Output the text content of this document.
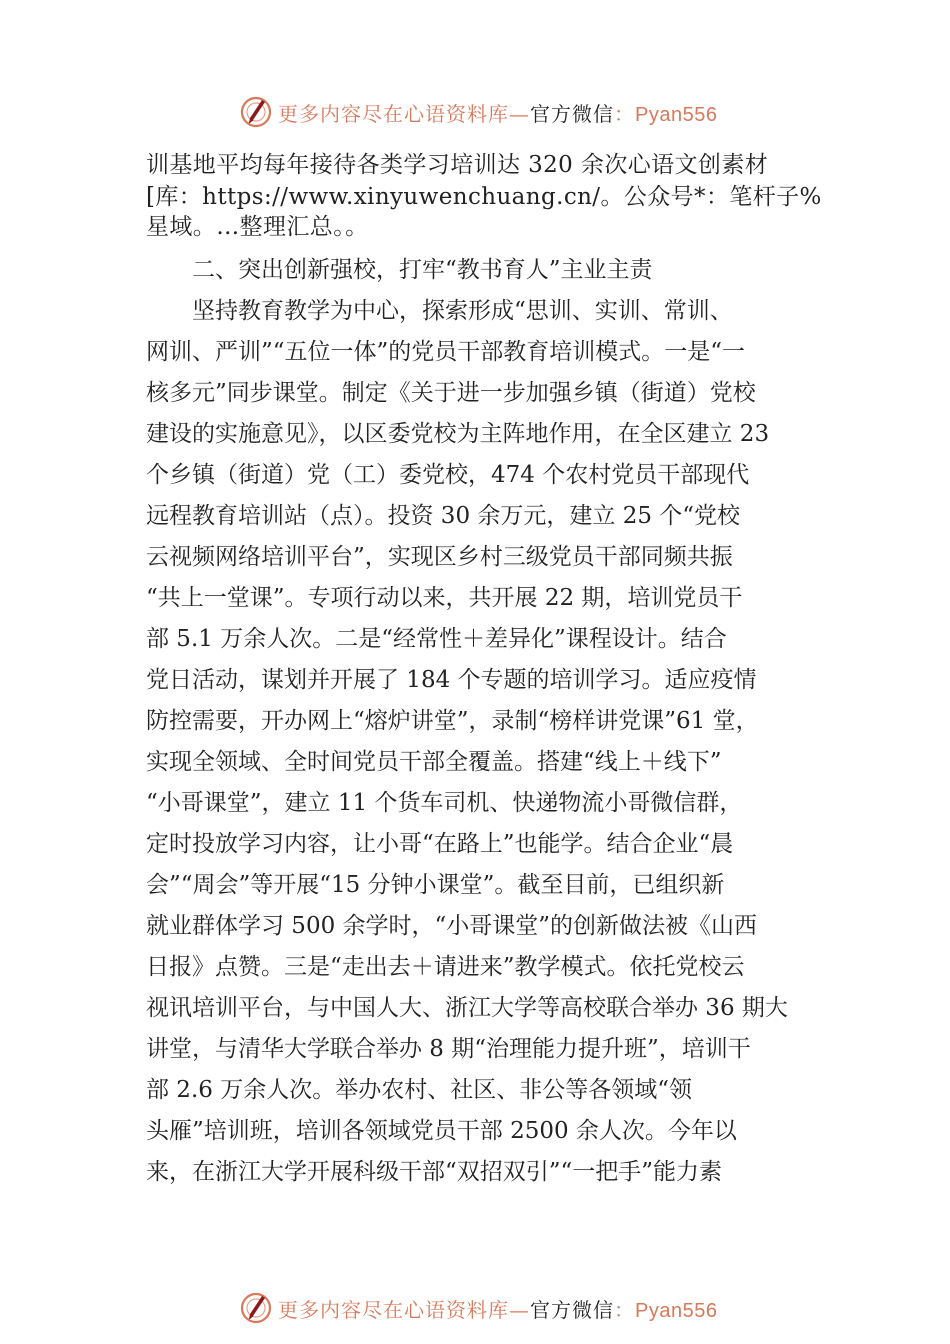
更多内容尽在心语资料库—官方微信：Pyan556
训基地平均每年接待各类学习培训达 320 余次心语文创素材
[库：https://www.xinyuwenchuang.cn/。公众号*：笔杆子%
星域。…整理汇总。。
二、突出创新强校，打牢“教书育人”主业主责
坚持教育教学为中心，探索形成“思训、实训、常训、
网训、严训”“五位一体”的党员干部教育培训模式。一是“一
核多元”同步课堂。制定《关于进一步加强乡镇（街道）党校
建设的实施意见》，以区委党校为主阵地作用，在全区建立 23
个乡镇（街道）党（工）委党校，474 个农村党员干部现代
远程教育培训站（点）。投资 30 余万元，建立 25 个“党校
云视频网络培训平台”，实现区乡村三级党员干部同频共振
“共上一堂课”。专项行动以来，共开展 22 期，培训党员干
部 5.1 万余人次。二是“经常性＋差异化”课程设计。结合
党日活动，谋划并开展了 184 个专题的培训学习。适应疫情
防控需要，开办网上“熔炉讲堂”，录制“榜样讲党课”61 堂，
实现全领域、全时间党员干部全覆盖。搭建“线上＋线下”
“小哥课堂”，建立 11 个货车司机、快递物流小哥微信群，
定时投放学习内容，让小哥“在路上”也能学。结合企业“晨
会”“周会”等开展“15 分钟小课堂”。截至目前，已组织新
就业群体学习 500 余学时，“小哥课堂”的创新做法被《山西
日报》点赞。三是“走出去＋请进来”教学模式。依托党校云
视讯培训平台，与中国人大、浙江大学等高校联合举办 36 期大
讲堂，与清华大学联合举办 8 期“治理能力提升班”，培训干
部 2.6 万余人次。举办农村、社区、非公等各领域“领
头雁”培训班，培训各领域党员干部 2500 余人次。今年以
来，在浙江大学开展科级干部“双招双引”“一把手”能力素
更多内容尽在心语资料库—官方微信：Pyan556
